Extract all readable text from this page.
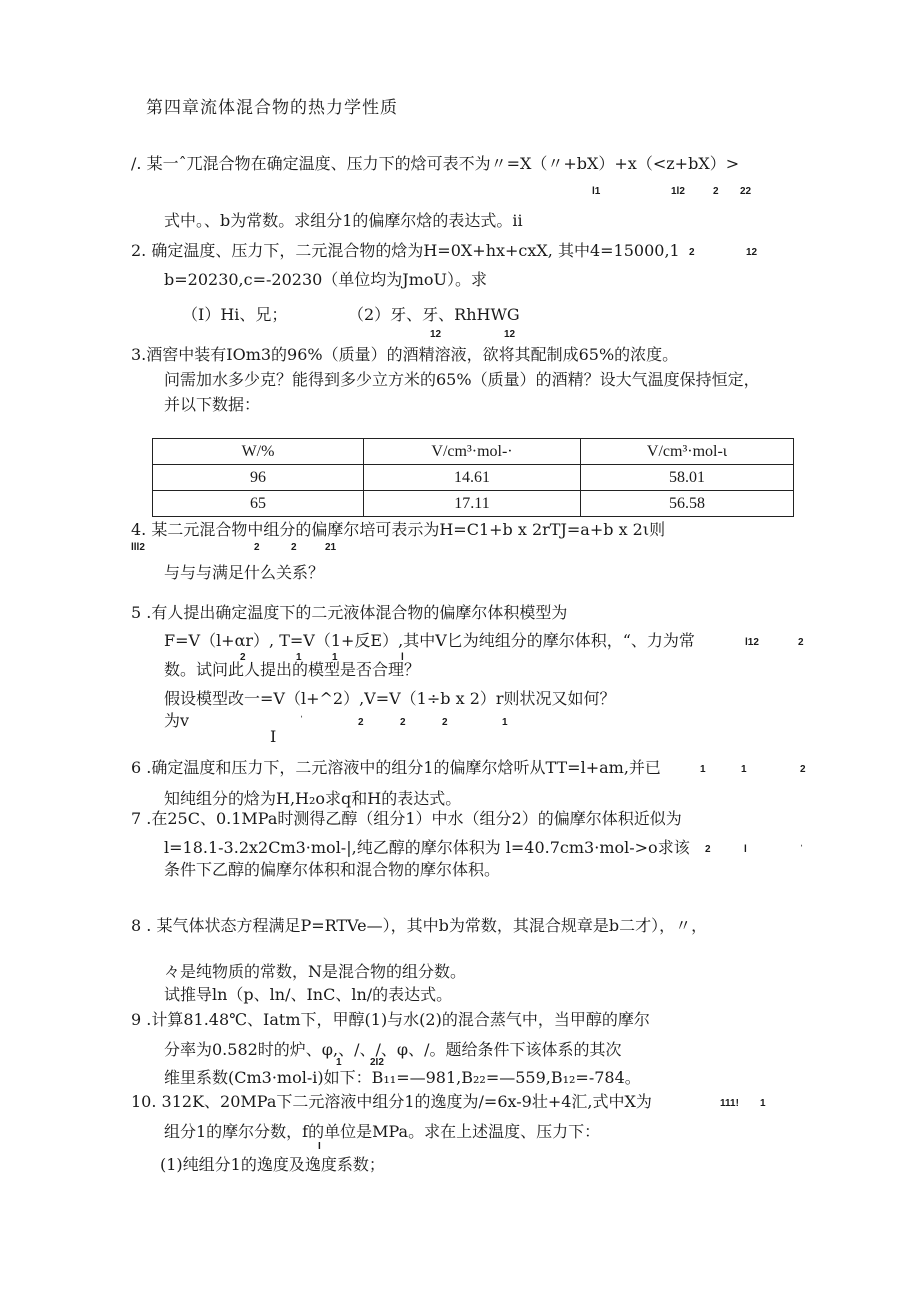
第四章流体混合物的热力学性质
/. 某一ˆ兀混合物在确定温度、压力下的焓可表不为〃=X（〃+bX）+x（<z+bX）>
l1	1l2	2 22
式中。、b为常数。求组分1的偏摩尔焓的表达式。ii
2. 确定温度、压力下，二元混合物的焓为H=0X+hx+cxX, 其中4=15000,1 2	12
b=20230,c=-20230（单位均为JmoU）。求
（I）Hi、兄；	（2）牙、牙、RhHWG
12	12
3.酒窖中装有IOm3的96%（质量）的酒精溶液，欲将其配制成65%的浓度。
问需加水多少克？能得到多少立方米的65%（质量）的酒精？设大气温度保持恒定，
并以下数据：
W/%	V/cm³·mol-·	V/cm³·mol-ι
96	14.61	58.01
65	17.11	56.58
4. 某二元混合物中组分的偏摩尔培可表示为H=C1+b x 2rTJ=a+b x 2ι则
lll2	2	2	21
与与与满足什么关系？
5 .有人提出确定温度下的二元液体混合物的偏摩尔体积模型为
F=V（l+αr）, T=V（1+反E）,其中V匕为纯组分的摩尔体积，“、力为常
2	1	1	l
l12	2
数。试问此人提出的模型是否合理？
假设模型改一=V（l+^2）,V=V（1÷b x 2）r则状况又如何？
为v	ˈ	2	2	2	1
I
6 .确定温度和压力下，二元溶液中的组分1的偏摩尔焓听从TT=l+am,并已	1	1	2
知纯组分的焓为H,H₂o求q和H的表达式。
7 .在25C、0.1MPa时测得乙醇（组分1）中水（组分2）的偏摩尔体积近似为
l=18.1-3.2x2Cm3·mol-|,纯乙醇的摩尔体积为 l=40.7cm3·mol->o求该 2	l	ˈ
条件下乙醇的偏摩尔体积和混合物的摩尔体积。
8 . 某气体状态方程满足P=RTVe—），其中b为常数，其混合规章是b二才），〃，
々是纯物质的常数，N是混合物的组分数。
试推导ln（p、ln/、InC、ln/的表达式。
9 .计算81.48℃、Iatm下，甲醇(1)与水(2)的混合蒸气中，当甲醇的摩尔
分率为0.582时的炉、φ,、/、/、φ、/。题给条件下该体系的其次
1	2I2
维里系数(Cm3·mol-i)如下：B₁₁=—981,B₂₂=—559,B₁₂=-784。
10. 312K、20MPa下二元溶液中组分1的逸度为/=6x-9壮+4汇,式中X为	111! 1
组分1的摩尔分数，f的单位是MPa。求在上述温度、压力下：
I
(1)纯组分1的逸度及逸度系数；
